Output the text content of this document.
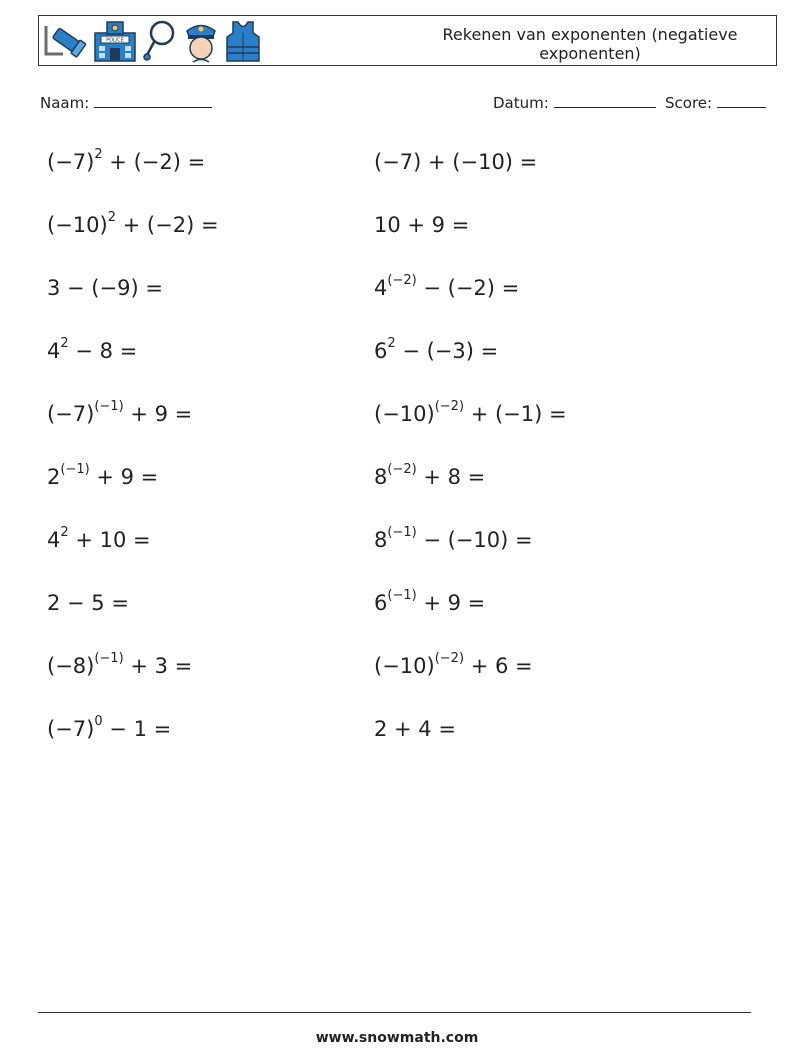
POLICE	Rekenen van exponenten (negatieve exponenten)
Naam:	Datum:	Score:
$(-7)^2 + (-2)$ =
$(-10)^2 + (-2)$ =
3 − (−9) =
$4^2 - 8$ =
$(-7)^{(-1)} + 9$ =
$2^{(-1)} + 9$ =
$4^2 + 10$ =
2 − 5 =
$(-8)^{(-1)} + 3$ =
$(-7)^0 - 1$ =
(−7) + (−10) =
10 + 9 =
$4^{(-2)} - (-2)$ =
$6^2 - (-3)$ =
$(-10)^{(-2)} + (-1)$ =
$8^{(-2)} + 8$ =
$8^{(-1)} - (-10)$ =
$6^{(-1)} + 9$ =
$(-10)^{(-2)} + 6$ =
2 + 4 =
www.snowmath.com
